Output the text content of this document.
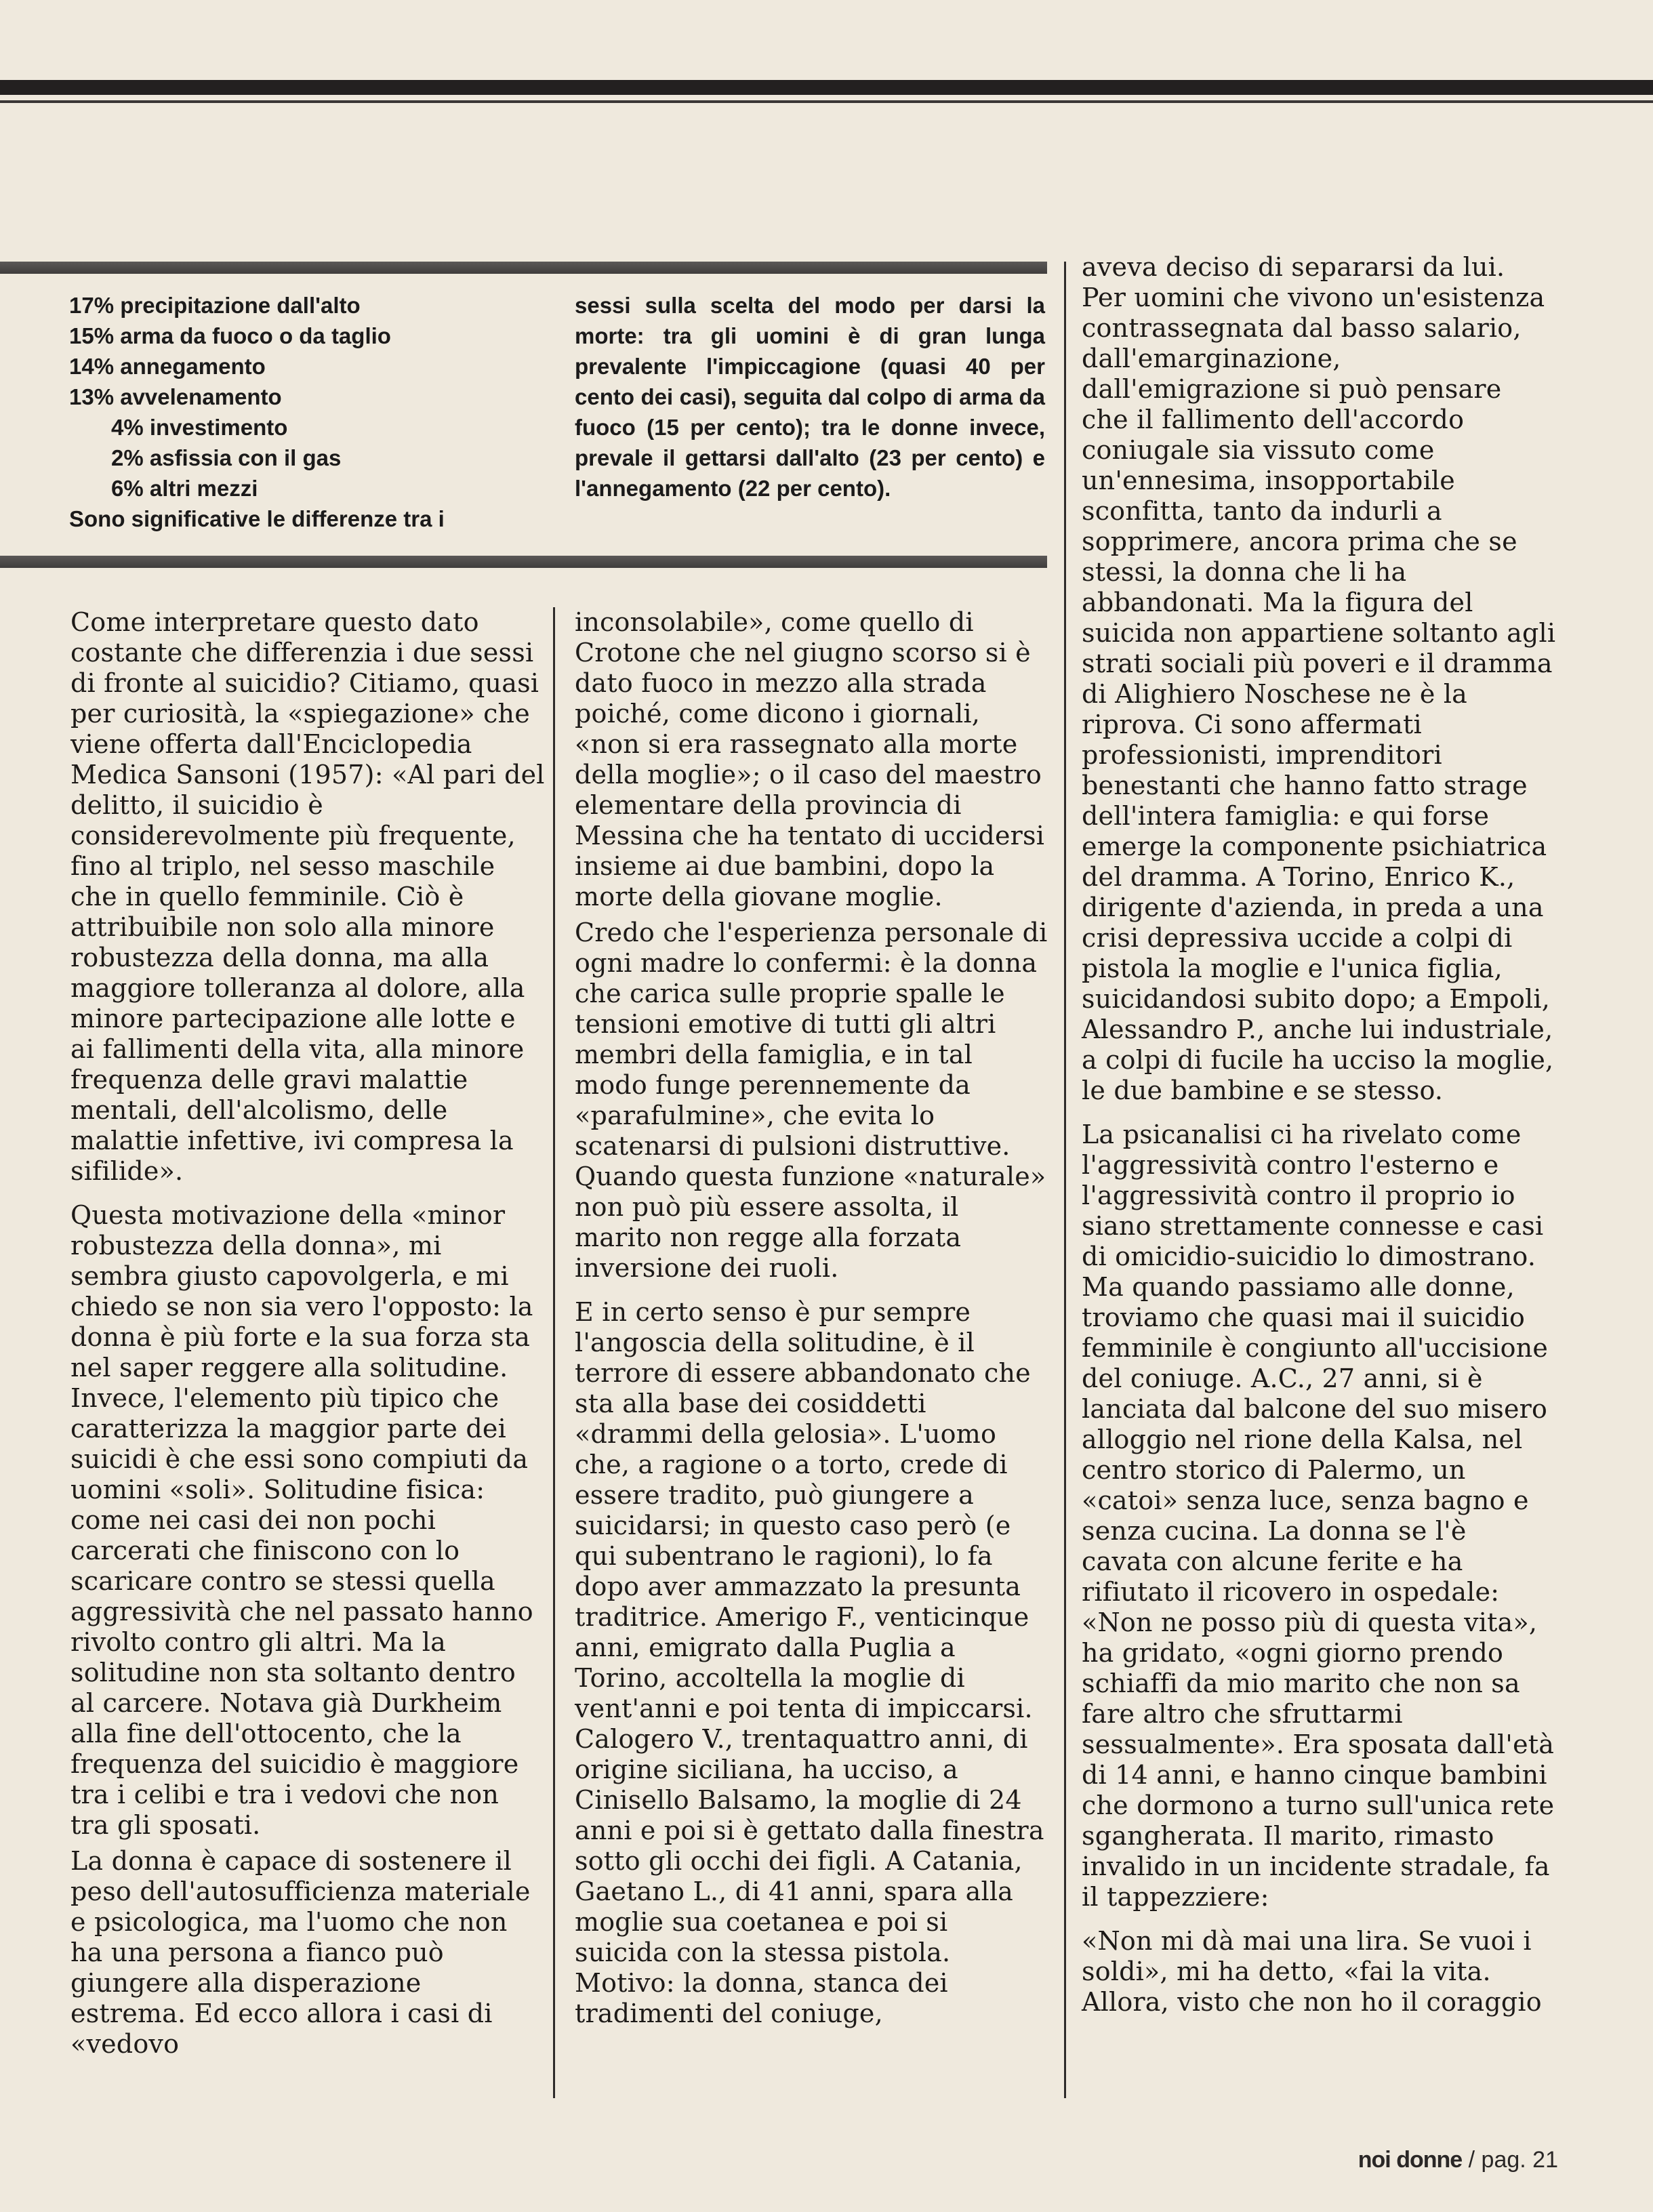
17% precipitazione dall'alto
15% arma da fuoco o da taglio
14% annegamento
13% avvelenamento
4% investimento
2% asfissia con il gas
6% altri mezzi
Sono significative le differenze tra i

sessi sulla scelta del modo per darsi la morte: tra gli uomini è di gran lunga prevalente l'impiccagione (quasi 40 per cento dei casi), seguita dal colpo di arma da fuoco (15 per cento); tra le donne invece, prevale il gettarsi dall'alto (23 per cento) e l'annegamento (22 per cento).

Come interpretare questo dato costante che differenzia i due sessi di fronte al suicidio? Citiamo, quasi per curiosità, la «spiegazione» che viene offerta dall'Enciclopedia Medica Sansoni (1957): «Al pari del delitto, il suicidio è considerevolmente più frequente, fino al triplo, nel sesso maschile che in quello femminile. Ciò è attribuibile non solo alla minore robustezza della donna, ma alla maggiore tolleranza al dolore, alla minore partecipazione alle lotte e ai fallimenti della vita, alla minore frequenza delle gravi malattie mentali, dell'alcolismo, delle malattie infettive, ivi compresa la sifilide».

Questa motivazione della «minor robustezza della donna», mi sembra giusto capovolgerla, e mi chiedo se non sia vero l'opposto: la donna è più forte e la sua forza sta nel saper reggere alla solitudine. Invece, l'elemento più tipico che caratterizza la maggior parte dei suicidi è che essi sono compiuti da uomini «soli». Solitudine fisica: come nei casi dei non pochi carcerati che finiscono con lo scaricare contro se stessi quella aggressività che nel passato hanno rivolto contro gli altri. Ma la solitudine non sta soltanto dentro al carcere. Notava già Durkheim alla fine dell'ottocento, che la frequenza del suicidio è maggiore tra i celibi e tra i vedovi che non tra gli sposati.

La donna è capace di sostenere il peso dell'autosufficienza materiale e psicologica, ma l'uomo che non ha una persona a fianco può giungere alla disperazione estrema. Ed ecco allora i casi di «vedovo

inconsolabile», come quello di Crotone che nel giugno scorso si è dato fuoco in mezzo alla strada poiché, come dicono i giornali, «non si era rassegnato alla morte della moglie»; o il caso del maestro elementare della provincia di Messina che ha tentato di uccidersi insieme ai due bambini, dopo la morte della giovane moglie.

Credo che l'esperienza personale di ogni madre lo confermi: è la donna che carica sulle proprie spalle le tensioni emotive di tutti gli altri membri della famiglia, e in tal modo funge perennemente da «parafulmine», che evita lo scatenarsi di pulsioni distruttive. Quando questa funzione «naturale» non può più essere assolta, il marito non regge alla forzata inversione dei ruoli.

E in certo senso è pur sempre l'angoscia della solitudine, è il terrore di essere abbandonato che sta alla base dei cosiddetti «drammi della gelosia». L'uomo che, a ragione o a torto, crede di essere tradito, può giungere a suicidarsi; in questo caso però (e qui subentrano le ragioni), lo fa dopo aver ammazzato la presunta traditrice. Amerigo F., venticinque anni, emigrato dalla Puglia a Torino, accoltella la moglie di vent'anni e poi tenta di impiccarsi. Calogero V., trentaquattro anni, di origine siciliana, ha ucciso, a Cinisello Balsamo, la moglie di 24 anni e poi si è gettato dalla finestra sotto gli occhi dei figli. A Catania, Gaetano L., di 41 anni, spara alla moglie sua coetanea e poi si suicida con la stessa pistola. Motivo: la donna, stanca dei tradimenti del coniuge,

aveva deciso di separarsi da lui. Per uomini che vivono un'esistenza contrassegnata dal basso salario, dall'emarginazione, dall'emigrazione si può pensare che il fallimento dell'accordo coniugale sia vissuto come un'ennesima, insopportabile sconfitta, tanto da indurli a sopprimere, ancora prima che se stessi, la donna che li ha abbandonati. Ma la figura del suicida non appartiene soltanto agli strati sociali più poveri e il dramma di Alighiero Noschese ne è la riprova. Ci sono affermati professionisti, imprenditori benestanti che hanno fatto strage dell'intera famiglia: e qui forse emerge la componente psichiatrica del dramma. A Torino, Enrico K., dirigente d'azienda, in preda a una crisi depressiva uccide a colpi di pistola la moglie e l'unica figlia, suicidandosi subito dopo; a Empoli, Alessandro P., anche lui industriale, a colpi di fucile ha ucciso la moglie, le due bambine e se stesso.

La psicanalisi ci ha rivelato come l'aggressività contro l'esterno e l'aggressività contro il proprio io siano strettamente connesse e casi di omicidio-suicidio lo dimostrano. Ma quando passiamo alle donne, troviamo che quasi mai il suicidio femminile è congiunto all'uccisione del coniuge. A.C., 27 anni, si è lanciata dal balcone del suo misero alloggio nel rione della Kalsa, nel centro storico di Palermo, un «catoi» senza luce, senza bagno e senza cucina. La donna se l'è cavata con alcune ferite e ha rifiutato il ricovero in ospedale: «Non ne posso più di questa vita», ha gridato, «ogni giorno prendo schiaffi da mio marito che non sa fare altro che sfruttarmi sessualmente». Era sposata dall'età di 14 anni, e hanno cinque bambini che dormono a turno sull'unica rete sgangherata. Il marito, rimasto invalido in un incidente stradale, fa il tappezziere:

«Non mi dà mai una lira. Se vuoi i soldi», mi ha detto, «fai la vita. Allora, visto che non ho il coraggio

noi donne / pag. 21
